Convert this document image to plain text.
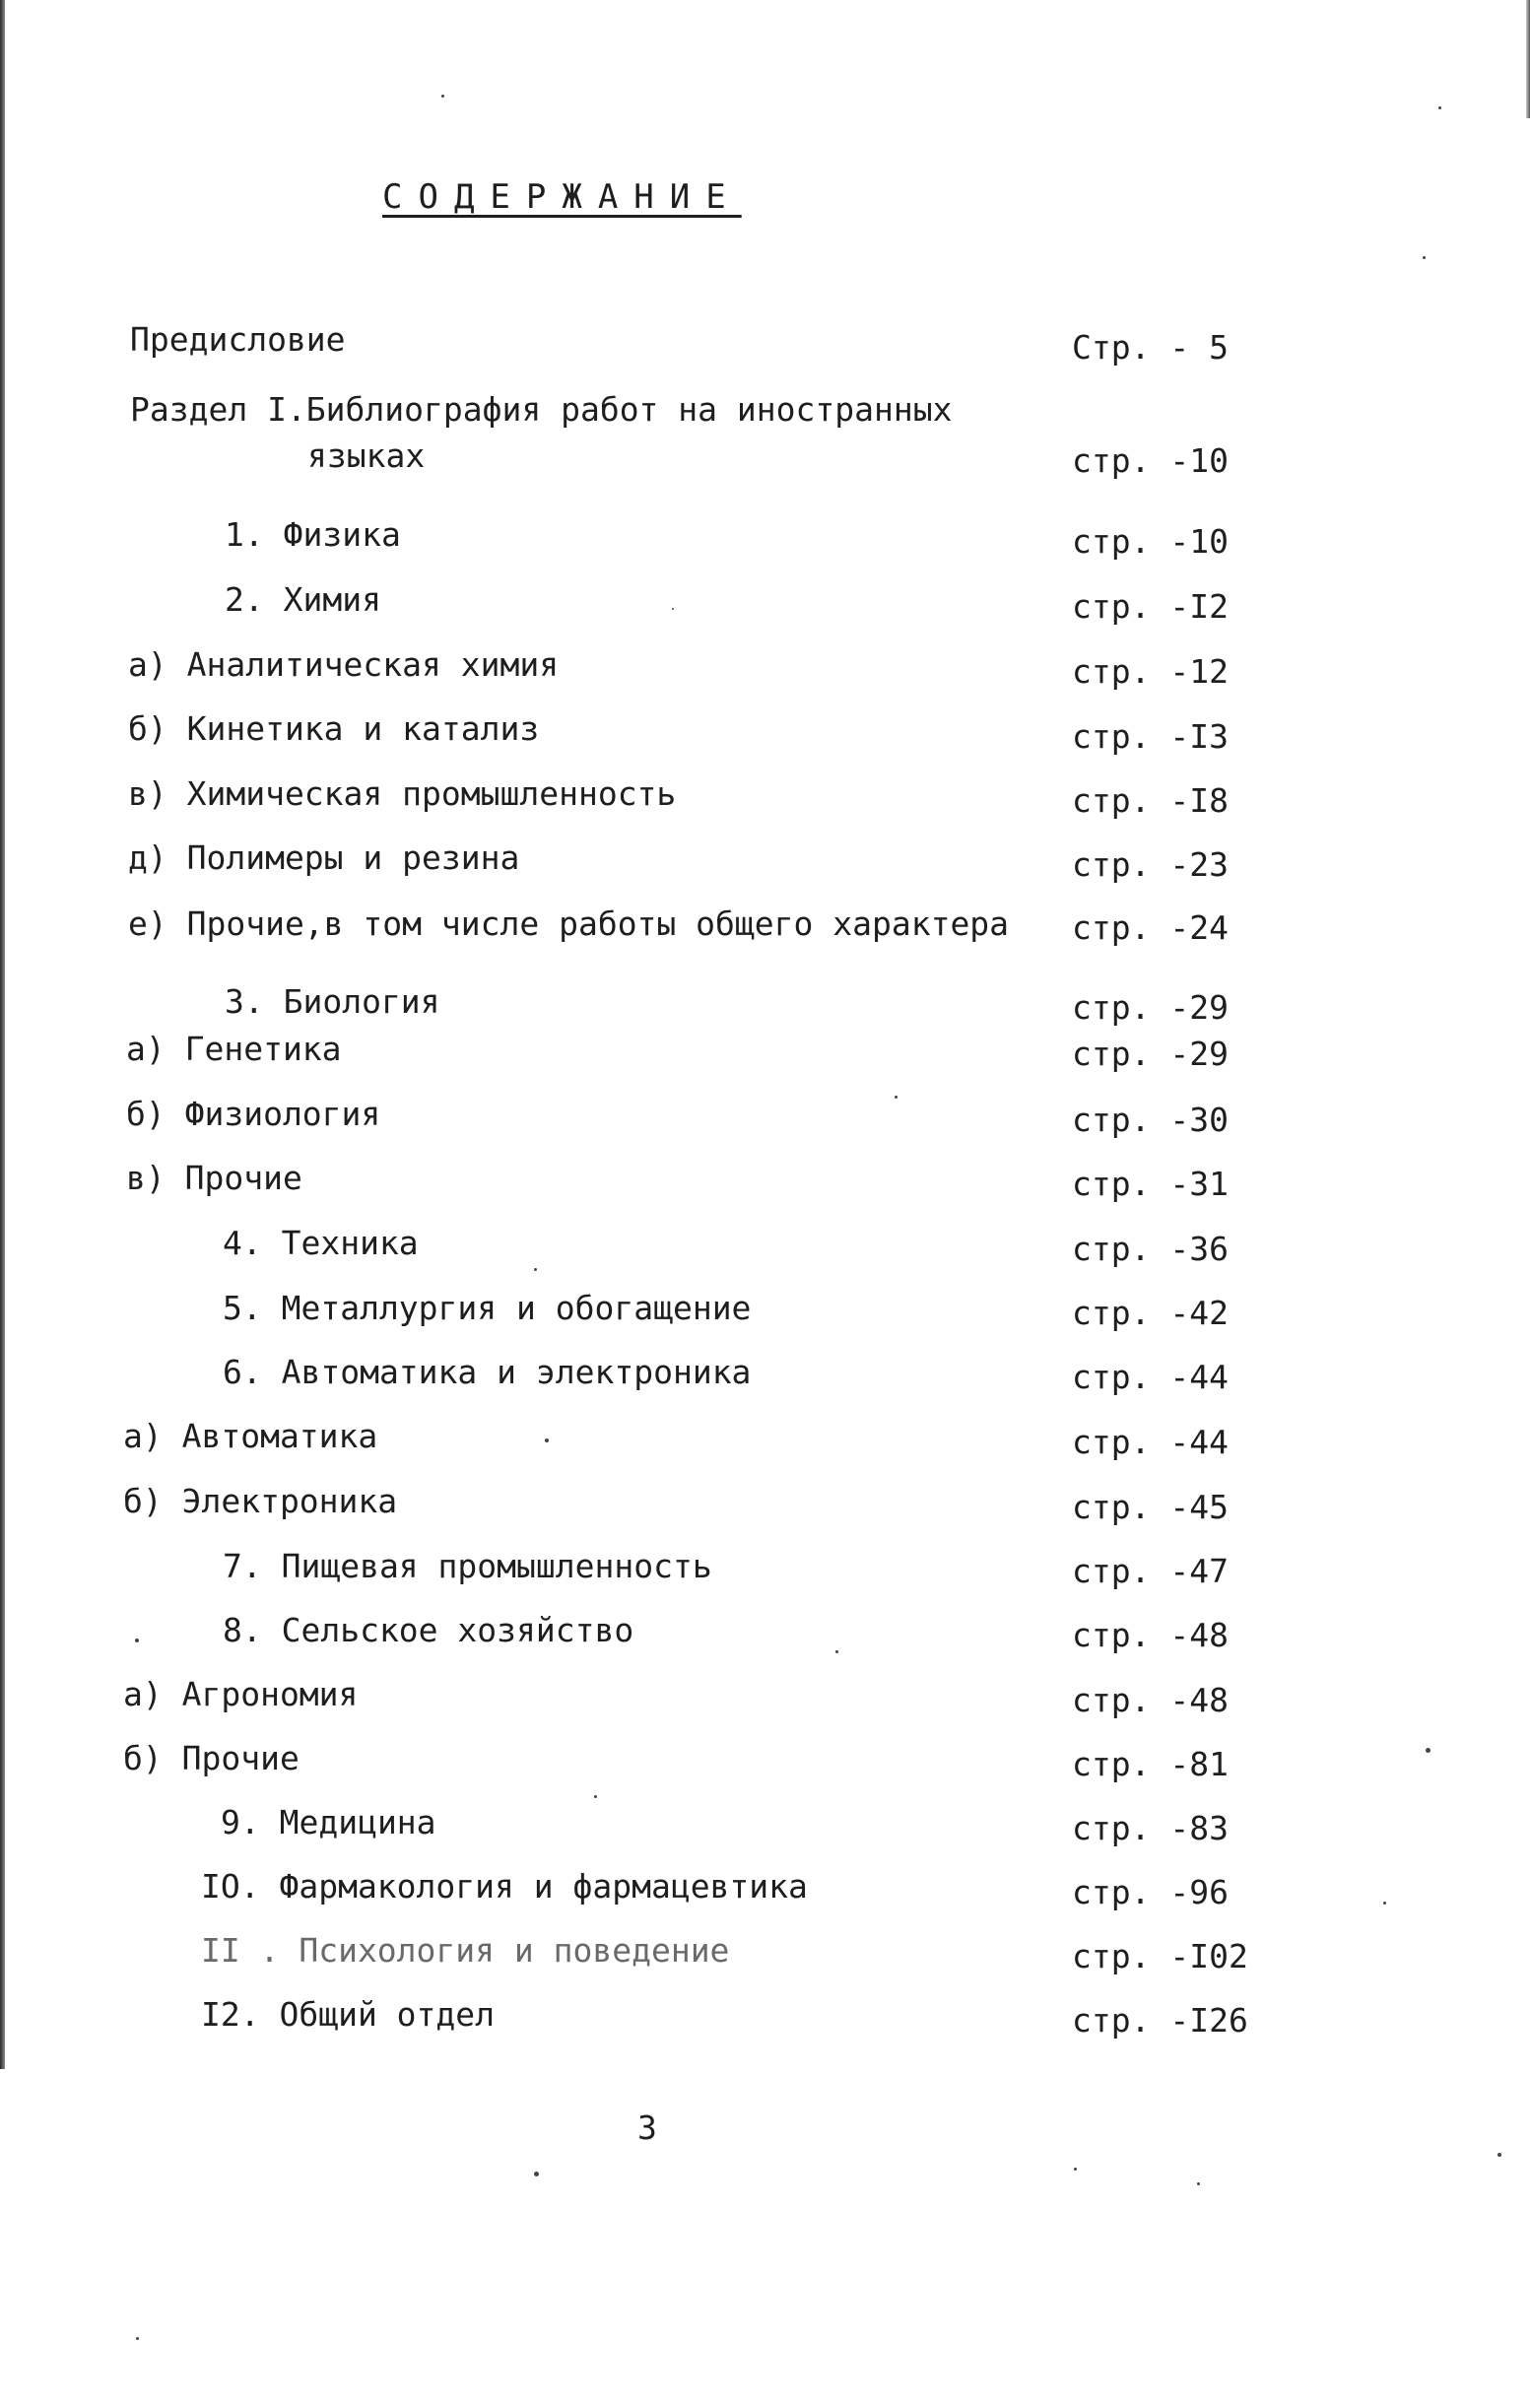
СОДЕРЖАНИЕ
Предисловие	Стр. - 5
Раздел I.Библиография работ на иностранных
языках	стр. -10
1. Физика	стр. -10
2. Химия	стр. -I2
а) Аналитическая химия	стр. -12
б) Кинетика и катализ	стр. -I3
в) Химическая промышленность	стр. -I8
д) Полимеры и резина	стр. -23
е) Прочие,в том числе работы общего характера стр. -24
3. Биология	стр. -29
а) Генетика	стр. -29
б) Физиология	стр. -30
в) Прочие	стр. -31
4. Техника	стр. -36
5. Металлургия и обогащение	стр. -42
6. Автоматика и электроника	стр. -44
а) Автоматика	стр. -44
б) Электроника	стр. -45
7. Пищевая промышленность	стр. -47
8. Сельское хозяйство	стр. -48
а) Агрономия	стр. -48
б) Прочие	стр. -81
9. Медицина	стр. -83
IO. Фармакология и фармацевтика	стр. -96
II . Психология и поведение	стр. -I02
I2. Общий отдел	стр. -I26
3
